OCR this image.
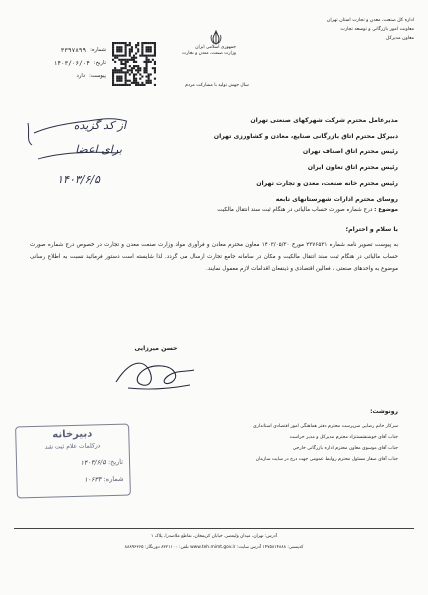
اداره کل صنعت، معدن و تجارت استان تهران
معاونت امور بازرگانی و توسعه تجارت
معاون مدیرکل
جمهوری اسلامی ایران
وزارت صنعت، معدن و تجارت
شماره:
۳۳۹۷۸۹۹
تاریخ:
۱۴۰۳/۰۶/۰۴
پیوست:
دارد
سال جهش تولید با مشارکت مردم
از کد گزیده
برای اعضا
۱۴۰۳/۶/۵
مدیرعامل محترم شرکت شهرکهای صنعتی تهران
دبیرکل محترم اتاق بازرگانی صنایع، معادن و کشاورزی تهران
رئیس محترم اتاق اصناف تهران
رئیس محترم اتاق تعاون ایران
رئیس محترم خانه صنعت، معدن و تجارت تهران
روسای محترم ادارات شهرستانهای تابعه
موضوع : درج شماره صورت حساب مالیاتی در هنگام ثبت سند انتقال مالکیت
با سلام و احترام؛
به پیوست تصویر نامه شماره ۲۳۷۶۵۳۱ مورخ ۱۴۰۳/۰۵/۳۰ معاون محترم معادن و فرآوری مواد وزارت صنعت معدن و تجارت در خصوص درج شماره صورت حساب مالیاتی در هنگام ثبت سند انتقال مالکیت و مکان در سامانه جامع تجارت ارسال می گردد. لذا شایسته است دستور فرمائید نسبت به اطلاع رسانی موضوع به واحدهای صنعتی ، فعالین اقتصادی و ذینفعان اقدامات لازم معمول نمایند.
حسن میرزایی
رونوشت:
سرکار خانم رضایی سرپرست محترم دفتر هماهنگی امور اقتصادی استانداری
جناب آقای خوشنشستنژاد محترم مدیرکل و مدیر حراست
جناب آقای موسوی معاون محترم اداره بازرگانی خارجی
جناب آقای صفار مسئول محترم روابط عمومی جهت درج در سایت سازمان
دبیرخانه
درکلمات علام ثبت شد
تاریخ: ۱۴۰۳/۶/۵
شماره: ۱۰۶۳۳
آدرس: تهران، میدان ولیعصر، خیابان کریمخان، تقاطع ملاصدرا، پلاک ۱
کدپستی: ۱۴۷۵۸۱۴۸۸۸ آدرس سایت: www.teh.mimt.gov.ir تلفن: ۸۳۲۱۱۰۰ دورنگار: ۸۸۸۹۶۳۶۵
